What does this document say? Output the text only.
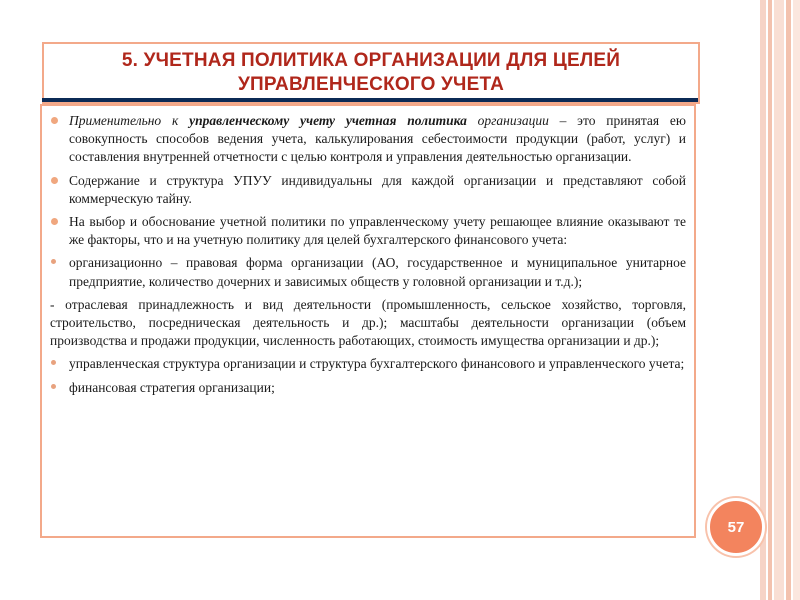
5. УЧЕТНАЯ ПОЛИТИКА ОРГАНИЗАЦИИ ДЛЯ ЦЕЛЕЙ
УПРАВЛЕНЧЕСКОГО УЧЕТА
Применительно к управленческому учету учетная политика организации – это принятая ею совокупность способов ведения учета, калькулирования себестоимости продукции (работ, услуг) и составления внутренней отчетности с целью контроля и управления деятельностью организации.
Содержание и структура УПУУ индивидуальны для каждой организации и представляют собой коммерческую тайну.
На выбор и обоснование учетной политики по управленческому учету решающее влияние оказывают те же факторы, что и на учетную политику для целей бухгалтерского финансового учета:
организационно – правовая форма организации (АО, государственное и муниципальное унитарное предприятие, количество дочерних и зависимых обществ у головной организации и т.д.);
- отраслевая принадлежность и вид деятельности (промышленность, сельское хозяйство, торговля, строительство, посредническая деятельность и др.); масштабы деятельности организации (объем производства и продажи продукции, численность работающих, стоимость имущества организации и др.);
управленческая структура организации и структура бухгалтерского финансового и управленческого учета;
финансовая стратегия организации;
57
